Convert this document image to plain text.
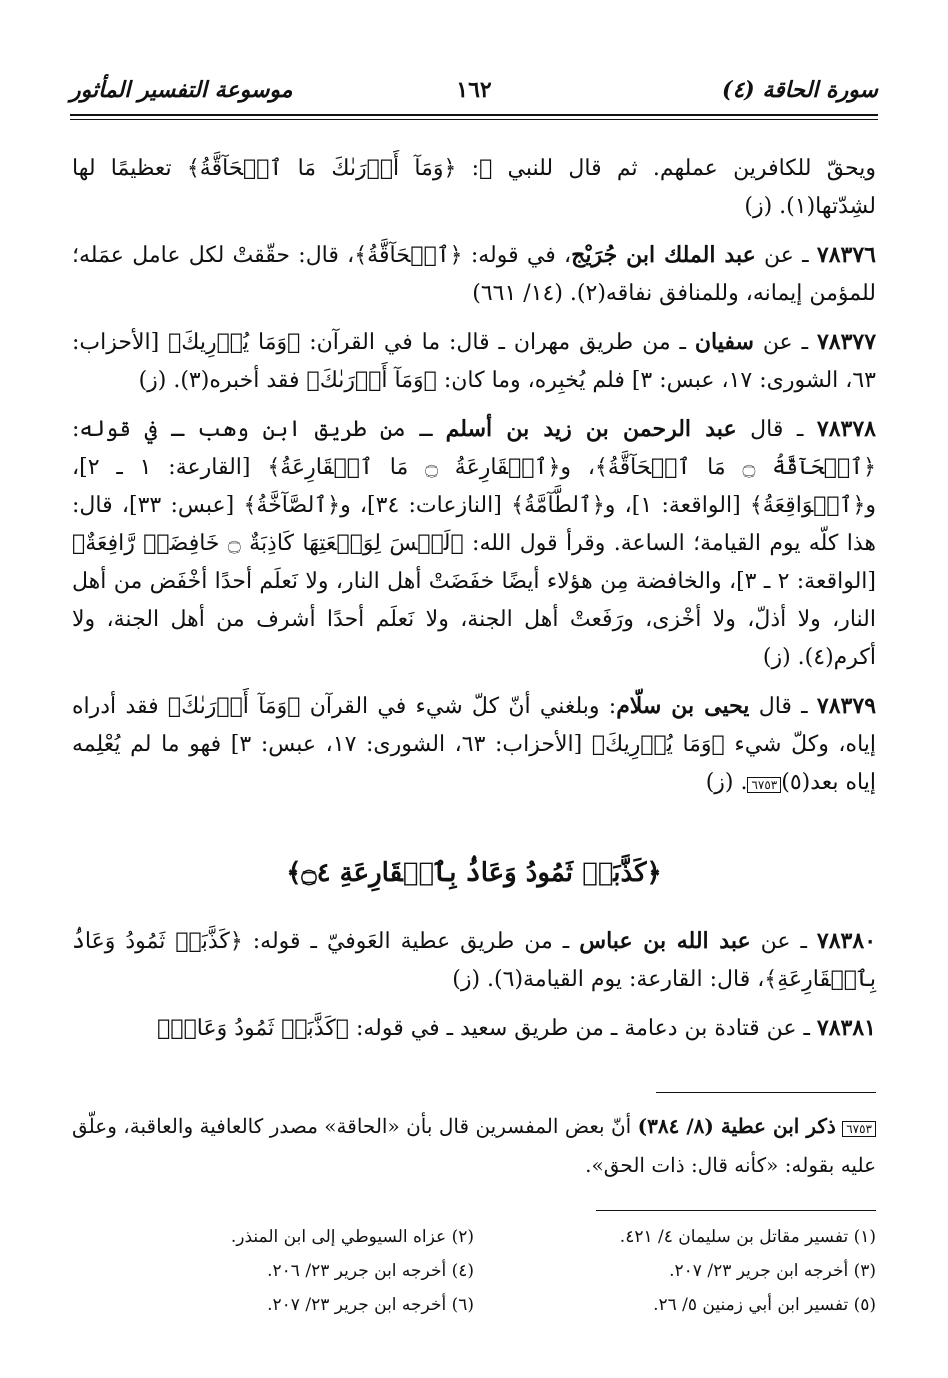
سورة الحاقة (٤)
١٦٢
موسوعة التفسير المأثور

ويحقّ للكافرين عملهم. ثم قال للنبي ﷺ: ﴿وَمَآ أَدۡرَىٰكَ مَا ٱلۡحَآقَّةُ﴾ تعظيمًا لها لشِدّتها(١). (ز)

٧٨٣٧٦ ـ عن عبد الملك ابن جُرَيْج، في قوله: ﴿ٱلۡحَآقَّةُ﴾، قال: حقّقتْ لكل عامل عمَله؛ للمؤمن إيمانه، وللمنافق نفاقه(٢). (١٤/ ٦٦١)

٧٨٣٧٧ ـ عن سفيان ـ من طريق مهران ـ قال: ما في القرآن: ﴿وَمَا يُدۡرِيكَ﴾ [الأحزاب: ٦٣، الشورى: ١٧، عبس: ٣] فلم يُخبِره، وما كان: ﴿وَمَآ أَدۡرَىٰكَ﴾ فقد أخبره(٣). (ز)

٧٨٣٧٨ ـ قال عبد الرحمن بن زيد بن أسلم ـ من طريق ابن وهب ـ في قوله: ﴿ٱلۡحَآقَّةُ ۝ مَا ٱلۡحَآقَّةُ﴾، و﴿ٱلۡقَارِعَةُ ۝ مَا ٱلۡقَارِعَةُ﴾ [القارعة: ١ ـ ٢]، و﴿ٱلۡوَاقِعَةُ﴾ [الواقعة: ١]، و﴿ٱلطَّآمَّةُ﴾ [النازعات: ٣٤]، و﴿ٱلصَّآخَّةُ﴾ [عبس: ٣٣]، قال: هذا كلّه يوم القيامة؛ الساعة. وقرأ قول الله: ﴿لَيۡسَ لِوَقۡعَتِهَا كَاذِبَةٌ ۝ خَافِضَةٞ رَّافِعَةٌ﴾ [الواقعة: ٢ ـ ٣]، والخافضة مِن هؤلاء أيضًا خفَضَتْ أهل النار، ولا نَعلَم أحدًا أخْفَض من أهل النار، ولا أذلّ، ولا أخْزى، ورَفَعتْ أهل الجنة، ولا نَعلَم أحدًا أشرف من أهل الجنة، ولا أكرم(٤). (ز)

٧٨٣٧٩ ـ قال يحيى بن سلّام: وبلغني أنّ كلّ شيء في القرآن ﴿وَمَآ أَدۡرَىٰكَ﴾ فقد أدراه إياه، وكلّ شيء ﴿وَمَا يُدۡرِيكَ﴾ [الأحزاب: ٦٣، الشورى: ١٧، عبس: ٣] فهو ما لم يُعْلِمه إياه بعد(٥)٦٧٥٣. (ز)

﴿كَذَّبَتۡ ثَمُودُ وَعَادُۢ بِٱلۡقَارِعَةِ ۝٤﴾

٧٨٣٨٠ ـ عن عبد الله بن عباس ـ من طريق عطية العَوفيّ ـ قوله: ﴿كَذَّبَتۡ ثَمُودُ وَعَادُۢ بِٱلۡقَارِعَةِ﴾، قال: القارعة: يوم القيامة(٦). (ز)

٧٨٣٨١ ـ عن قتادة بن دعامة ـ من طريق سعيد ـ في قوله: ﴿كَذَّبَتۡ ثَمُودُ وَعَادُۢ

٦٧٥٣ ذكر ابن عطية (٨/ ٣٨٤) أنّ بعض المفسرين قال بأن «الحاقة» مصدر كالعافية والعاقبة، وعلّق عليه بقوله: «كأنه قال: ذات الحق».
(١) تفسير مقاتل بن سليمان ٤/ ٤٢١.
(٢) عزاه السيوطي إلى ابن المنذر.
(٣) أخرجه ابن جرير ٢٣/ ٢٠٧.
(٤) أخرجه ابن جرير ٢٣/ ٢٠٦.
(٥) تفسير ابن أبي زمنين ٥/ ٢٦.
(٦) أخرجه ابن جرير ٢٣/ ٢٠٧.
